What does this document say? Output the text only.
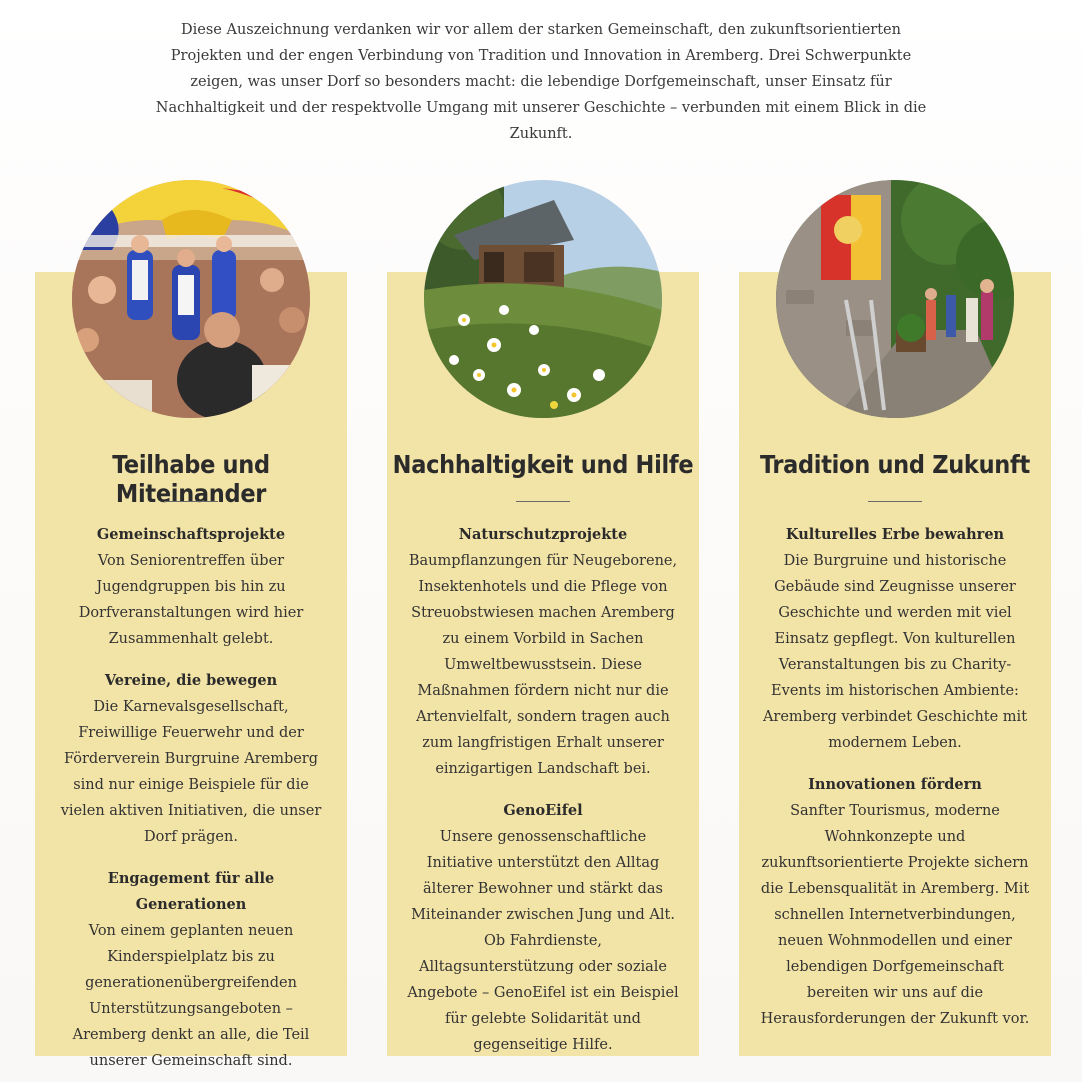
Diese Auszeichnung verdanken wir vor allem der starken Gemeinschaft, den zukunftsorientierten Projekten und der engen Verbindung von Tradition und Innovation in Aremberg. Drei Schwerpunkte zeigen, was unser Dorf so besonders macht: die lebendige Dorfgemeinschaft, unser Einsatz für Nachhaltigkeit und der respektvolle Umgang mit unserer Geschichte – verbunden mit einem Blick in die Zukunft.

Teilhabe und Miteinander

Gemeinschaftsprojekte
Von Seniorentreffen über Jugendgruppen bis hin zu Dorfveranstaltungen wird hier Zusammenhalt gelebt.

Vereine, die bewegen
Die Karnevalsgesellschaft, Freiwillige Feuerwehr und der Förderverein Burgruine Aremberg sind nur einige Beispiele für die vielen aktiven Initiativen, die unser Dorf prägen.

Engagement für alle Generationen
Von einem geplanten neuen Kinderspielplatz bis zu generationenübergreifenden Unterstützungsangeboten – Aremberg denkt an alle, die Teil unserer Gemeinschaft sind.

Nachhaltigkeit und Hilfe

Naturschutzprojekte
Baumpflanzungen für Neugeborene, Insektenhotels und die Pflege von Streuobstwiesen machen Aremberg zu einem Vorbild in Sachen Umweltbewusstsein. Diese Maßnahmen fördern nicht nur die Artenvielfalt, sondern tragen auch zum langfristigen Erhalt unserer einzigartigen Landschaft bei.

GenoEifel
Unsere genossenschaftliche Initiative unterstützt den Alltag älterer Bewohner und stärkt das Miteinander zwischen Jung und Alt. Ob Fahrdienste, Alltagsunterstützung oder soziale Angebote – GenoEifel ist ein Beispiel für gelebte Solidarität und gegenseitige Hilfe.

Tradition und Zukunft

Kulturelles Erbe bewahren
Die Burgruine und historische Gebäude sind Zeugnisse unserer Geschichte und werden mit viel Einsatz gepflegt. Von kulturellen Veranstaltungen bis zu Charity-Events im historischen Ambiente: Aremberg verbindet Geschichte mit modernem Leben.

Innovationen fördern
Sanfter Tourismus, moderne Wohnkonzepte und zukunftsorientierte Projekte sichern die Lebensqualität in Aremberg. Mit schnellen Internetverbindungen, neuen Wohnmodellen und einer lebendigen Dorfgemeinschaft bereiten wir uns auf die Herausforderungen der Zukunft vor.
